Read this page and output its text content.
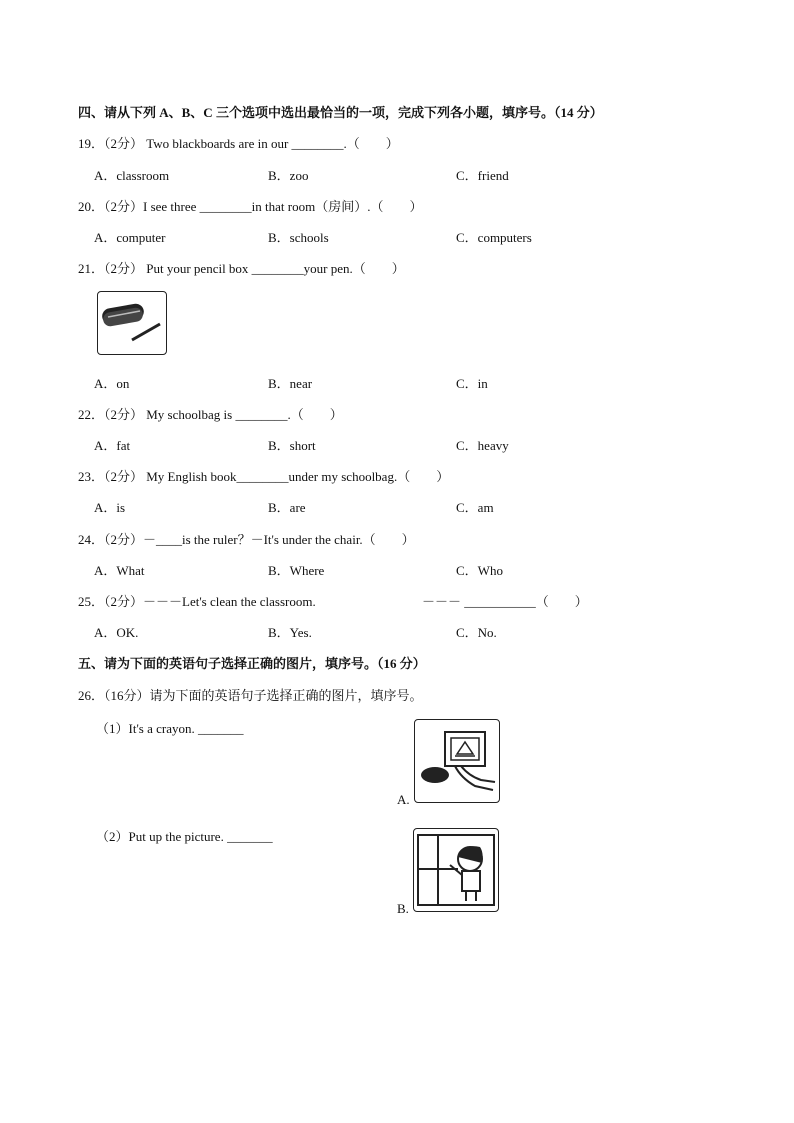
四、请从下列 A、B、C 三个选项中选出最恰当的一项，完成下列各小题，填序号。（14 分）
19．（2分） Two blackboards are in our ________.（　　）
A．classroom	B．zoo	C．friend
20．（2分）I see three ________in that room（房间）.（　　）
A．computer	B．schools	C．computers
21．（2分） Put your pencil box ________your pen.（　　）
A．on	B．near	C．in
22．（2分） My schoolbag is ________.（　　）
A．fat	B．short	C．heavy
23．（2分） My English book________under my schoolbag.（　　）
A．is	B．are	C．am
24．（2分）－____is the ruler？－It's under the chair.（　　）
A．What	B．Where	C．Who
25．（2分）－－－Let's clean the classroom.	－－－ ___________（　　）
A．OK.	B．Yes.	C．No.
五、请为下面的英语句子选择正确的图片，填序号。（16 分）
26．（16分）请为下面的英语句子选择正确的图片，填序号。
（1）It's a crayon. _______
（2）Put up the picture. _______
A.
B.
